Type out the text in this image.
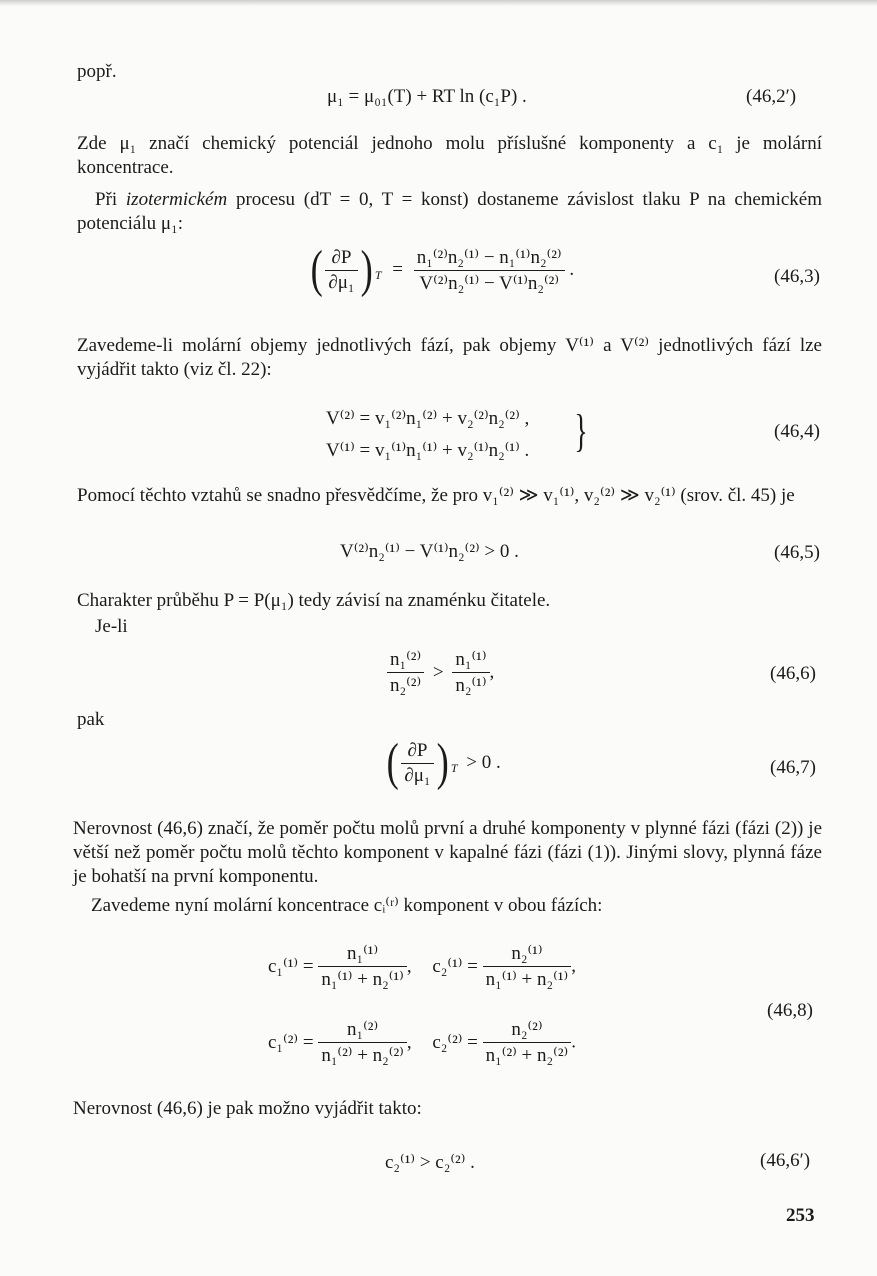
popř.
μ₁ = μ₀₁(T) + RT ln (c₁P) .	(46,2′)
Zde μ₁ značí chemický potenciál jednoho molu příslušné komponenty a c₁ je molární koncentrace.
Při izotermickém procesu (dT = 0, T = konst) dostaneme závislost tlaku P na chemickém potenciálu μ₁:
( $\frac{\partial P}{\text{∂μ₁}}$ ) $_T = \frac{\text{n₁⁽²⁾n₂⁽¹⁾ − n₁⁽¹⁾n₂⁽²⁾}}{\text{V⁽²⁾n₂⁽¹⁾ − V⁽¹⁾n₂⁽²⁾}}$ .	(46,3)
Zavedeme-li molární objemy jednotlivých fází, pak objemy V⁽¹⁾ a V⁽²⁾ jednotlivých fází lze vyjádřit takto (viz čl. 22):
V⁽²⁾ = v₁⁽²⁾n₁⁽²⁾ + v₂⁽²⁾n₂⁽²⁾ ,
V⁽¹⁾ = v₁⁽¹⁾n₁⁽¹⁾ + v₂⁽¹⁾n₂⁽¹⁾ . }	(46,4)
Pomocí těchto vztahů se snadno přesvědčíme, že pro v₁⁽²⁾ ≫ v₁⁽¹⁾, v₂⁽²⁾ ≫ v₂⁽¹⁾ (srov. čl. 45) je
V⁽²⁾n₂⁽¹⁾ − V⁽¹⁾n₂⁽²⁾ > 0 .	(46,5)
Charakter průběhu P = P(μ₁) tedy závisí na znaménku čitatele.
Je-li
$\frac{\text{n₁⁽²⁾}}{\text{n₂⁽²⁾}} > \frac{\text{n₁⁽¹⁾}}{\text{n₂⁽¹⁾}}$ ,	(46,6)
pak
( $\frac{\partial P}{\text{∂μ₁}}$ ) $_T$ > 0 .	(46,7)
Nerovnost (46,6) značí, že poměr počtu molů první a druhé komponenty v plynné fázi (fázi (2)) je větší než poměr počtu molů těchto komponent v kapalné fázi (fázi (1)). Jinými slovy, plynná fáze je bohatší na první komponentu.
Zavedeme nyní molární koncentrace cᵢ⁽ʳ⁾ komponent v obou fázích:
$c_1^{(1)} = \frac{\text{n₁⁽¹⁾}}{\text{n₁⁽¹⁾ + n₂⁽¹⁾}}$ , $c_2^{(1)} = \frac{\text{n₂⁽¹⁾}}{\text{n₁⁽¹⁾ + n₂⁽¹⁾}}$ ,
$c_1^{(2)} = \frac{\text{n₁⁽²⁾}}{\text{n₁⁽²⁾ + n₂⁽²⁾}}$ , $c_2^{(2)} = \frac{\text{n₂⁽²⁾}}{\text{n₁⁽²⁾ + n₂⁽²⁾}}$ .
(46,8)
Nerovnost (46,6) je pak možno vyjádřit takto:
c₂⁽¹⁾ > c₂⁽²⁾ .	(46,6′)
253
